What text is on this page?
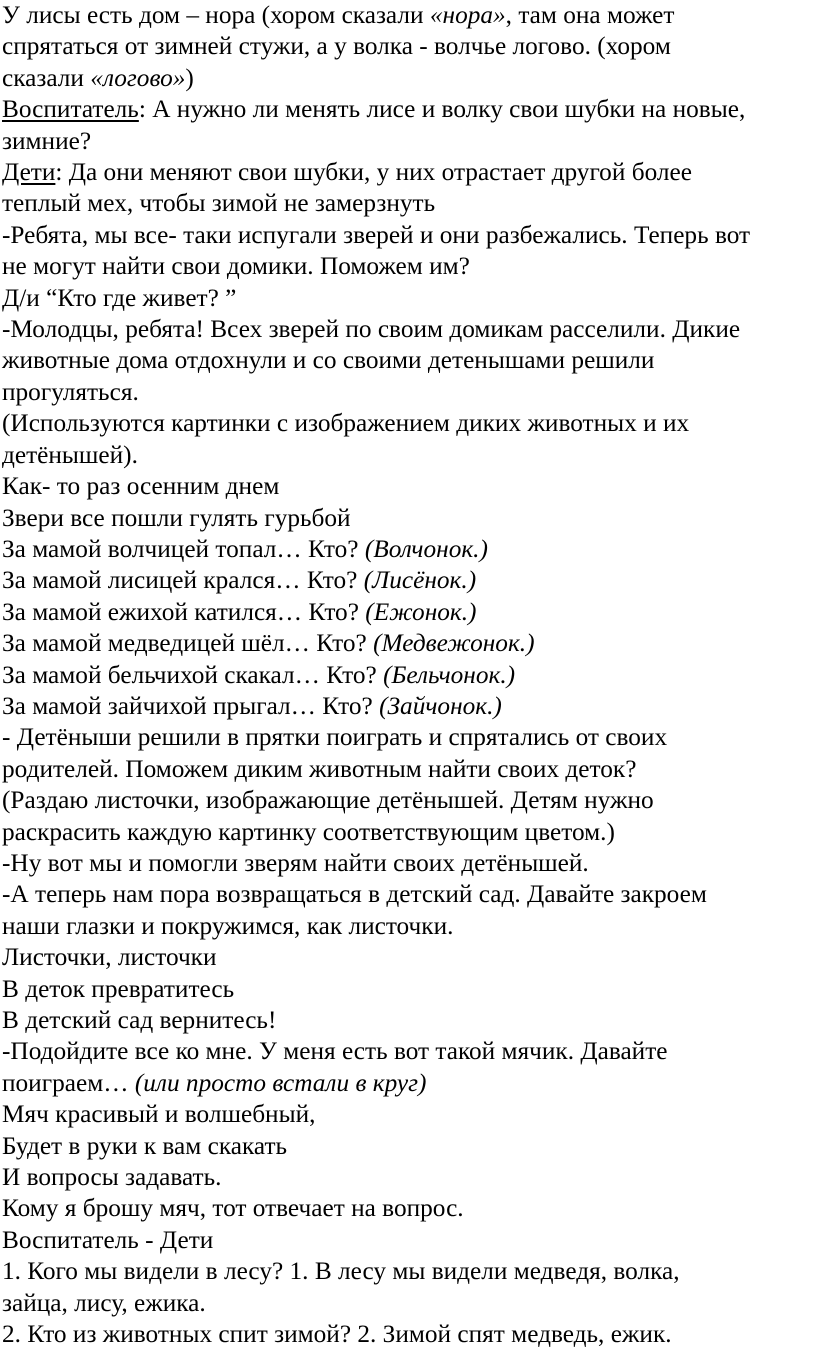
У лисы есть дом – нора (хором сказали «нора», там она может

спрятаться от зимней стужи, а у волка - волчье логово. (хором

сказали «логово»)

Воспитатель: А нужно ли менять лисе и волку свои шубки на новые,

зимние?

Дети: Да они меняют свои шубки, у них отрастает другой более

теплый мех, чтобы зимой не замерзнуть

-Ребята, мы все- таки испугали зверей и они разбежались. Теперь вот

не могут найти свои домики. Поможем им?

Д/и “Кто где живет? ”

-Молодцы, ребята! Всех зверей по своим домикам расселили. Дикие

животные дома отдохнули и со своими детенышами решили

прогуляться.

(Используются картинки с изображением диких животных и их

детёнышей).

Как- то раз осенним днем

Звери все пошли гулять гурьбой

За мамой волчицей топал… Кто? (Волчонок.)

За мамой лисицей крался… Кто? (Лисёнок.)

За мамой ежихой катился… Кто? (Ежонок.)

За мамой медведицей шёл… Кто? (Медвежонок.)

За мамой бельчихой скакал… Кто? (Бельчонок.)

За мамой зайчихой прыгал… Кто? (Зайчонок.)

- Детёныши решили в прятки поиграть и спрятались от своих

родителей. Поможем диким животным найти своих деток?

(Раздаю листочки, изображающие детёнышей. Детям нужно

раскрасить каждую картинку соответствующим цветом.)

-Ну вот мы и помогли зверям найти своих детёнышей.

-А теперь нам пора возвращаться в детский сад. Давайте закроем

наши глазки и покружимся, как листочки.

Листочки, листочки

В деток превратитесь

В детский сад вернитесь!

-Подойдите все ко мне. У меня есть вот такой мячик. Давайте

поиграем… (или просто встали в круг)

Мяч красивый и волшебный,

Будет в руки к вам скакать

И вопросы задавать.

Кому я брошу мяч, тот отвечает на вопрос.

Воспитатель - Дети

1. Кого мы видели в лесу? 1. В лесу мы видели медведя, волка,

зайца, лису, ежика.

2. Кто из животных спит зимой? 2. Зимой спят медведь, ежик.
